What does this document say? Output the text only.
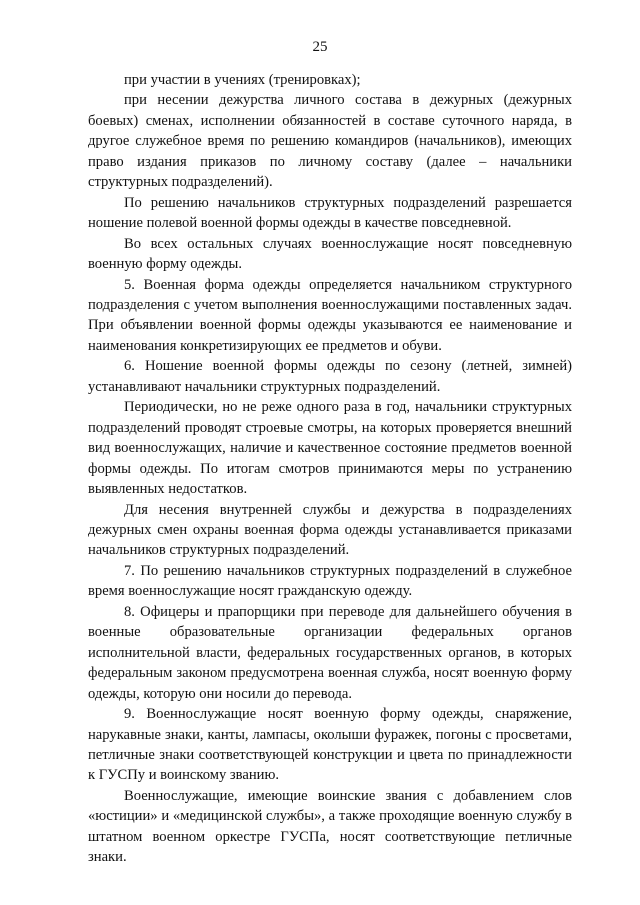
25

при участии в учениях (тренировках);

при несении дежурства личного состава в дежурных (дежурных боевых) сменах, исполнении обязанностей в составе суточного наряда, в другое служебное время по решению командиров (начальников), имеющих право издания приказов по личному составу (далее – начальники структурных подразделений).

По решению начальников структурных подразделений разрешается ношение полевой военной формы одежды в качестве повседневной.

Во всех остальных случаях военнослужащие носят повседневную военную форму одежды.

5. Военная форма одежды определяется начальником структурного подразделения с учетом выполнения военнослужащими поставленных задач. При объявлении военной формы одежды указываются ее наименование и наименования конкретизирующих ее предметов и обуви.

6. Ношение военной формы одежды по сезону (летней, зимней) устанавливают начальники структурных подразделений.

Периодически, но не реже одного раза в год, начальники структурных подразделений проводят строевые смотры, на которых проверяется внешний вид военнослужащих, наличие и качественное состояние предметов военной формы одежды. По итогам смотров принимаются меры по устранению выявленных недостатков.

Для несения внутренней службы и дежурства в подразделениях дежурных смен охраны военная форма одежды устанавливается приказами начальников структурных подразделений.

7. По решению начальников структурных подразделений в служебное время военнослужащие носят гражданскую одежду.

8. Офицеры и прапорщики при переводе для дальнейшего обучения в военные образовательные организации федеральных органов исполнительной власти, федеральных государственных органов, в которых федеральным законом предусмотрена военная служба, носят военную форму одежды, которую они носили до перевода.

9. Военнослужащие носят военную форму одежды, снаряжение, нарукавные знаки, канты, лампасы, околыши фуражек, погоны с просветами, петличные знаки соответствующей конструкции и цвета по принадлежности к ГУСПу и воинскому званию.

Военнослужащие, имеющие воинские звания с добавлением слов «юстиции» и «медицинской службы», а также проходящие военную службу в штатном военном оркестре ГУСПа, носят соответствующие петличные знаки.
